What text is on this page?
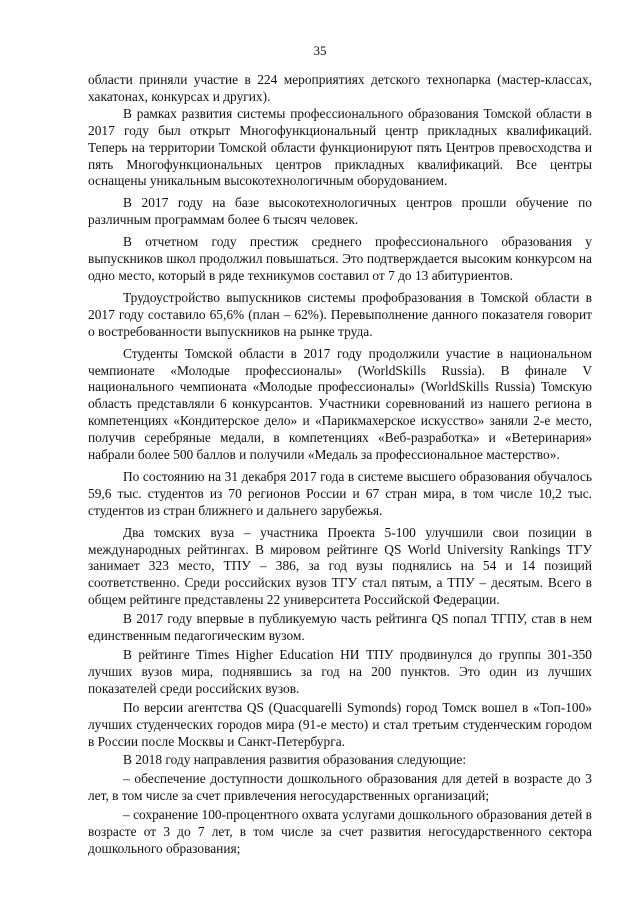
35

области приняли участие в 224 мероприятиях детского технопарка (мастер-классах, хакатонах, конкурсах и других).

В рамках развития системы профессионального образования Томской области в 2017 году был открыт Многофункциональный центр прикладных квалификаций. Теперь на территории Томской области функционируют пять Центров превосходства и пять Многофункциональных центров прикладных квалификаций. Все центры оснащены уникальным высокотехнологичным оборудованием.

В 2017 году на базе высокотехнологичных центров прошли обучение по различным программам более 6 тысяч человек.

В отчетном году престиж среднего профессионального образования у выпускников школ продолжил повышаться. Это подтверждается высоким конкурсом на одно место, который в ряде техникумов составил от 7 до 13 абитуриентов.

Трудоустройство выпускников системы профобразования в Томской области в 2017 году составило 65,6% (план – 62%). Перевыполнение данного показателя говорит о востребованности выпускников на рынке труда.

Студенты Томской области в 2017 году продолжили участие в национальном чемпионате «Молодые профессионалы» (WorldSkills Russia). В финале V национального чемпионата «Молодые профессионалы» (WorldSkills Russia) Томскую область представляли 6 конкурсантов. Участники соревнований из нашего региона в компетенциях «Кондитерское дело» и «Парикмахерское искусство» заняли 2-е место, получив серебряные медали, в компетенциях «Веб-разработка» и «Ветеринария» набрали более 500 баллов и получили «Медаль за профессиональное мастерство».

По состоянию на 31 декабря 2017 года в системе высшего образования обучалось 59,6 тыс. студентов из 70 регионов России и 67 стран мира, в том числе 10,2 тыс. студентов из стран ближнего и дальнего зарубежья.

Два томских вуза – участника Проекта 5-100 улучшили свои позиции в международных рейтингах. В мировом рейтинге QS World University Rankings ТГУ занимает 323 место, ТПУ – 386, за год вузы поднялись на 54 и 14 позиций соответственно. Среди российских вузов ТГУ стал пятым, а ТПУ – десятым. Всего в общем рейтинге представлены 22 университета Российской Федерации.

В 2017 году впервые в публикуемую часть рейтинга QS попал ТГПУ, став в нем единственным педагогическим вузом.

В рейтинге Times Higher Education НИ ТПУ продвинулся до группы 301-350 лучших вузов мира, поднявшись за год на 200 пунктов. Это один из лучших показателей среди российских вузов.

По версии агентства QS (Quacquarelli Symonds) город Томск вошел в «Топ-100» лучших студенческих городов мира (91-е место) и стал третьим студенческим городом в России после Москвы и Санкт-Петербурга.

В 2018 году направления развития образования следующие:

– обеспечение доступности дошкольного образования для детей в возрасте до 3 лет, в том числе за счет привлечения негосударственных организаций;

– сохранение 100-процентного охвата услугами дошкольного образования детей в возрасте от 3 до 7 лет, в том числе за счет развития негосударственного сектора дошкольного образования;
